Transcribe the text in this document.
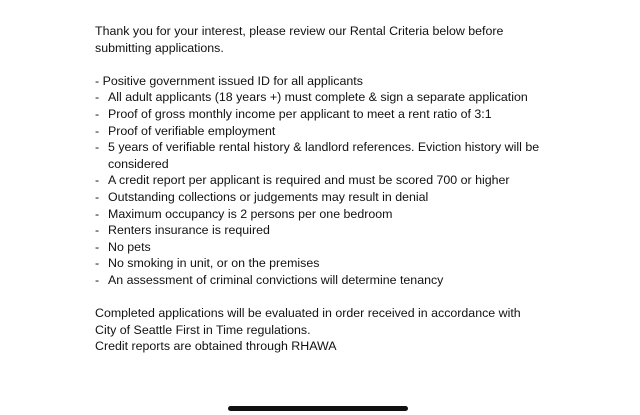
Thank you for your interest, please review our Rental Criteria below before

submitting applications.

- Positive government issued ID for all applicants
- All adult applicants (18 years +) must complete & sign a separate application
- Proof of gross monthly income per applicant to meet a rent ratio of 3:1
- Proof of verifiable employment
- 5 years of verifiable rental history & landlord references. Eviction history will be
considered
- A credit report per applicant is required and must be scored 700 or higher
- Outstanding collections or judgements may result in denial
- Maximum occupancy is 2 persons per one bedroom
- Renters insurance is required
- No pets
- No smoking in unit, or on the premises
- An assessment of criminal convictions will determine tenancy

Completed applications will be evaluated in order received in accordance with

City of Seattle First in Time regulations.

Credit reports are obtained through RHAWA
